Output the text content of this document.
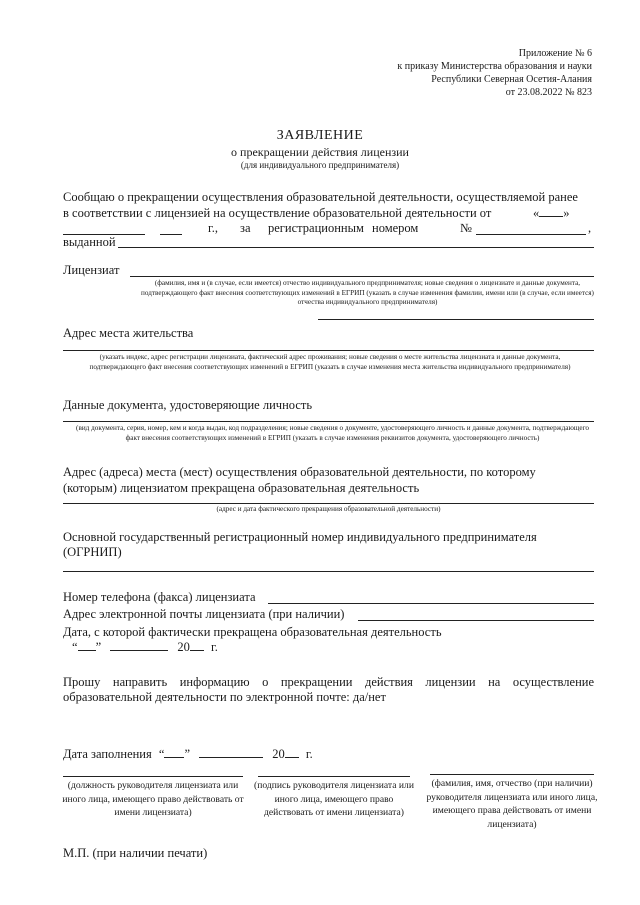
Приложение № 6
к приказу Министерства образования и науки
Республики Северная Осетия-Алания
от 23.08.2022 № 823
ЗАЯВЛЕНИЕ
о прекращении действия лицензии
(для индивидуального предпринимателя)
Сообщаю о прекращении осуществления образовательной деятельности, осуществляемой ранее
в соответствии с лицензией на осуществление образовательной деятельности от	« »
г., за регистрационным номером	№	,
выданной
Лицензиат
(фамилия, имя и (в случае, если имеется) отчество индивидуального предпринимателя; новые сведения о лицензиате и данные документа, подтверждающего факт внесения соответствующих изменений в ЕГРИП (указать в случае изменения фамилии, имени или (в случае, если имеется) отчества индивидуального предпринимателя)
Адрес места жительства
(указать индекс, адрес регистрации лицензиата, фактический адрес проживания; новые сведения о месте жительства лицензиата и данные документа, подтверждающего факт внесения соответствующих изменений в ЕГРИП (указать в случае изменения места жительства индивидуального предпринимателя)
Данные документа, удостоверяющие личность
(вид документа, серия, номер, кем и когда выдан, код подразделения; новые сведения о документе, удостоверяющего личность и данные документа, подтверждающего факт внесения соответствующих изменений в ЕГРИП (указать в случае изменения реквизитов документа, удостоверяющего личность)
Адрес (адреса) места (мест) осуществления образовательной деятельности, по которому
(которым) лицензиатом прекращена образовательная деятельность
(адрес и дата фактического прекращения образовательной деятельности)
Основной государственный регистрационный номер индивидуального предпринимателя
(ОГРНИП)
Номер телефона (факса) лицензиата
Адрес электронной почты лицензиата (при наличии)
Дата, с которой фактически прекращена образовательная деятельность
“ ”	20 г.
Прошу направить информацию о прекращении действия лицензии на осуществление
образовательной деятельности по электронной почте: да/нет
Дата заполнения “ ”	20 г.
(должность руководителя лицензиата или иного лица, имеющего право действовать от имени лицензиата)
(подпись руководителя лицензиата или иного лица, имеющего право действовать от имени лицензиата)
(фамилия, имя, отчество (при наличии) руководителя лицензиата или иного лица, имеющего права действовать от имени лицензиата)
М.П. (при наличии печати)
